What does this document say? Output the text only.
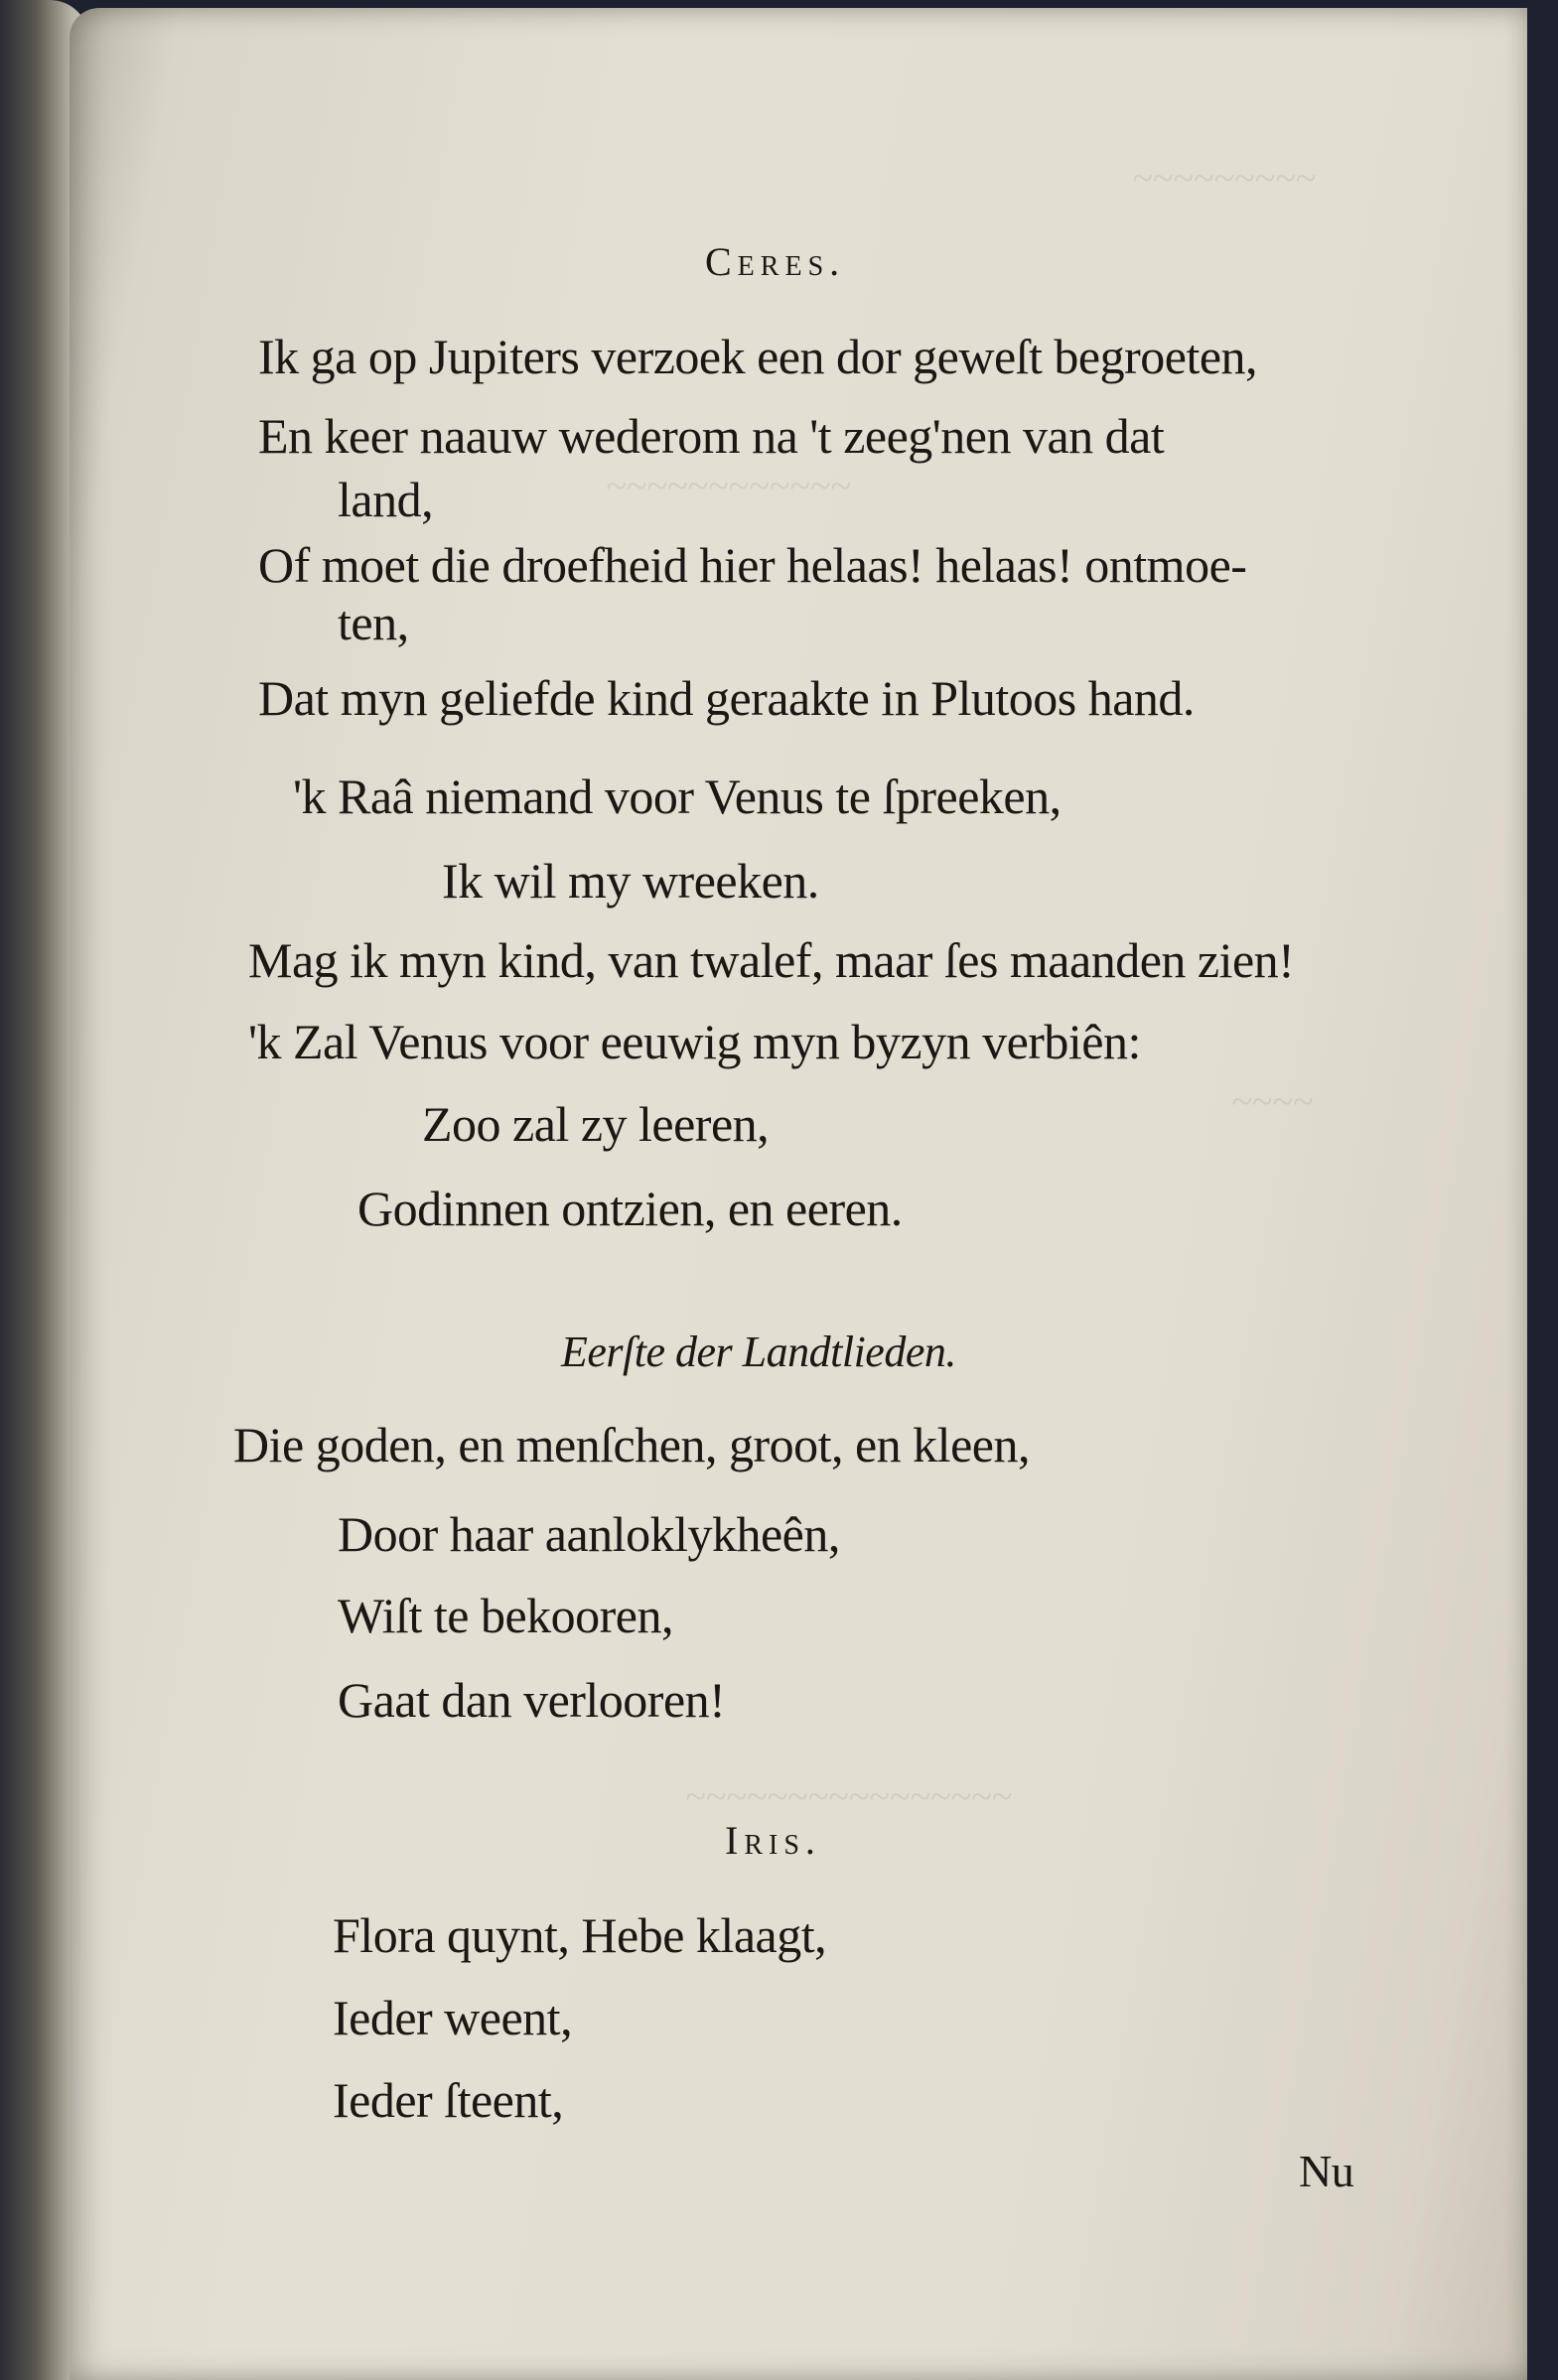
~~~~~~~~~
~~~~~~~~~~~~
~~~~
~~~~~~~~~~~~~~~~
Ceres.
Ik ga op Jupiters verzoek een dor geweſt begroeten,
En keer naauw wederom na 't zeeg'nen van dat
land,
Of moet die droefheid hier helaas! helaas! ontmoe-
ten,
Dat myn geliefde kind geraakte in Plutoos hand.
'k Raâ niemand voor Venus te ſpreeken,
Ik wil my wreeken.
Mag ik myn kind, van twalef, maar ſes maanden zien!
'k Zal Venus voor eeuwig myn byzyn verbiên:
Zoo zal zy leeren,
Godinnen ontzien, en eeren.
Eerſte der Landtlieden.
Die goden, en menſchen, groot, en kleen,
Door haar aanloklykheên,
Wiſt te bekooren,
Gaat dan verlooren!
Iris.
Flora quynt, Hebe klaagt,
Ieder weent,
Ieder ſteent,
Nu
